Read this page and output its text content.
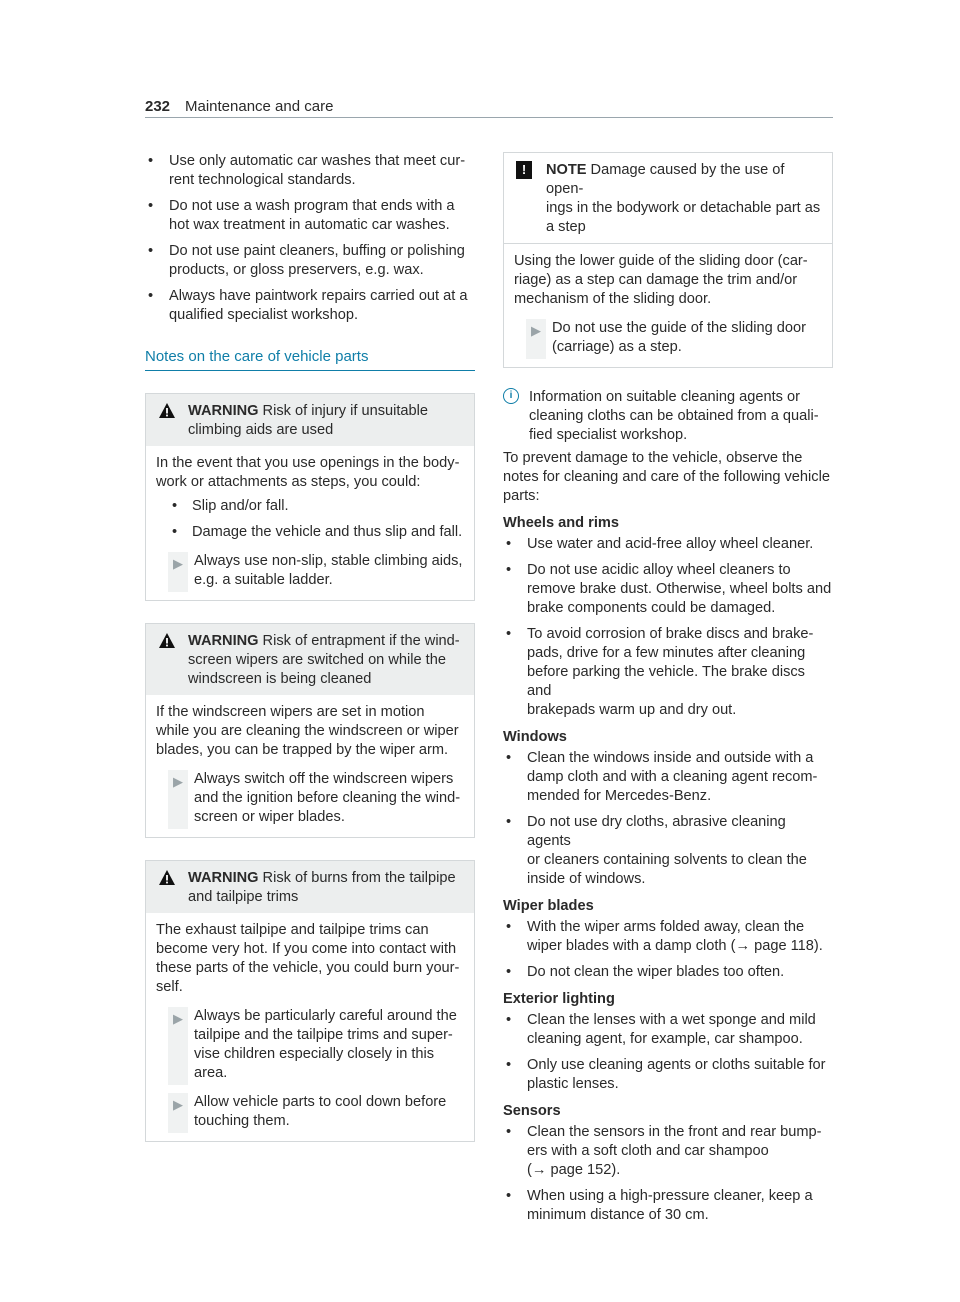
232 Maintenance and care
• Use only automatic car washes that meet cur-
rent technological standards.
• Do not use a wash program that ends with a
hot wax treatment in automatic car washes.
• Do not use paint cleaners, buffing or polishing
products, or gloss preservers, e.g. wax.
• Always have paintwork repairs carried out at a
qualified specialist workshop.
Notes on the care of vehicle parts
WARNING Risk of injury if unsuitable
climbing aids are used

In the event that you use openings in the body-
work or attachments as steps, you could:

• Slip and/or fall.
• Damage the vehicle and thus slip and fall.
▶ Always use non-slip, stable climbing aids,
e.g. a suitable ladder.
WARNING Risk of entrapment if the wind-
screen wipers are switched on while the
windscreen is being cleaned

If the windscreen wipers are set in motion
while you are cleaning the windscreen or wiper
blades, you can be trapped by the wiper arm.

▶ Always switch off the windscreen wipers
and the ignition before cleaning the wind-
screen or wiper blades.
WARNING Risk of burns from the tailpipe
and tailpipe trims

The exhaust tailpipe and tailpipe trims can
become very hot. If you come into contact with
these parts of the vehicle, you could burn your-
self.

▶ Always be particularly careful around the
tailpipe and the tailpipe trims and super-
vise children especially closely in this
area.
▶ Allow vehicle parts to cool down before
touching them.
!	NOTE Damage caused by the use of open-
ings in the bodywork or detachable part as
a step

Using the lower guide of the sliding door (car-
riage) as a step can damage the trim and/or
mechanism of the sliding door.

▶ Do not use the guide of the sliding door
(carriage) as a step.
i	Information on suitable cleaning agents or
cleaning cloths can be obtained from a quali-
fied specialist workshop.

To prevent damage to the vehicle, observe the
notes for cleaning and care of the following vehicle
parts:

Wheels and rims
• Use water and acid-free alloy wheel cleaner.
• Do not use acidic alloy wheel cleaners to
remove brake dust. Otherwise, wheel bolts and
brake components could be damaged.
• To avoid corrosion of brake discs and brake-
pads, drive for a few minutes after cleaning
before parking the vehicle. The brake discs and
brakepads warm up and dry out.
Windows
• Clean the windows inside and outside with a
damp cloth and with a cleaning agent recom-
mended for Mercedes-Benz.
• Do not use dry cloths, abrasive cleaning agents
or cleaners containing solvents to clean the
inside of windows.
Wiper blades
• With the wiper arms folded away, clean the
wiper blades with a damp cloth (→ page 118).
• Do not clean the wiper blades too often.
Exterior lighting
• Clean the lenses with a wet sponge and mild
cleaning agent, for example, car shampoo.
• Only use cleaning agents or cloths suitable for
plastic lenses.
Sensors
• Clean the sensors in the front and rear bump-
ers with a soft cloth and car shampoo
(→ page 152).
• When using a high-pressure cleaner, keep a
minimum distance of 30 cm.
